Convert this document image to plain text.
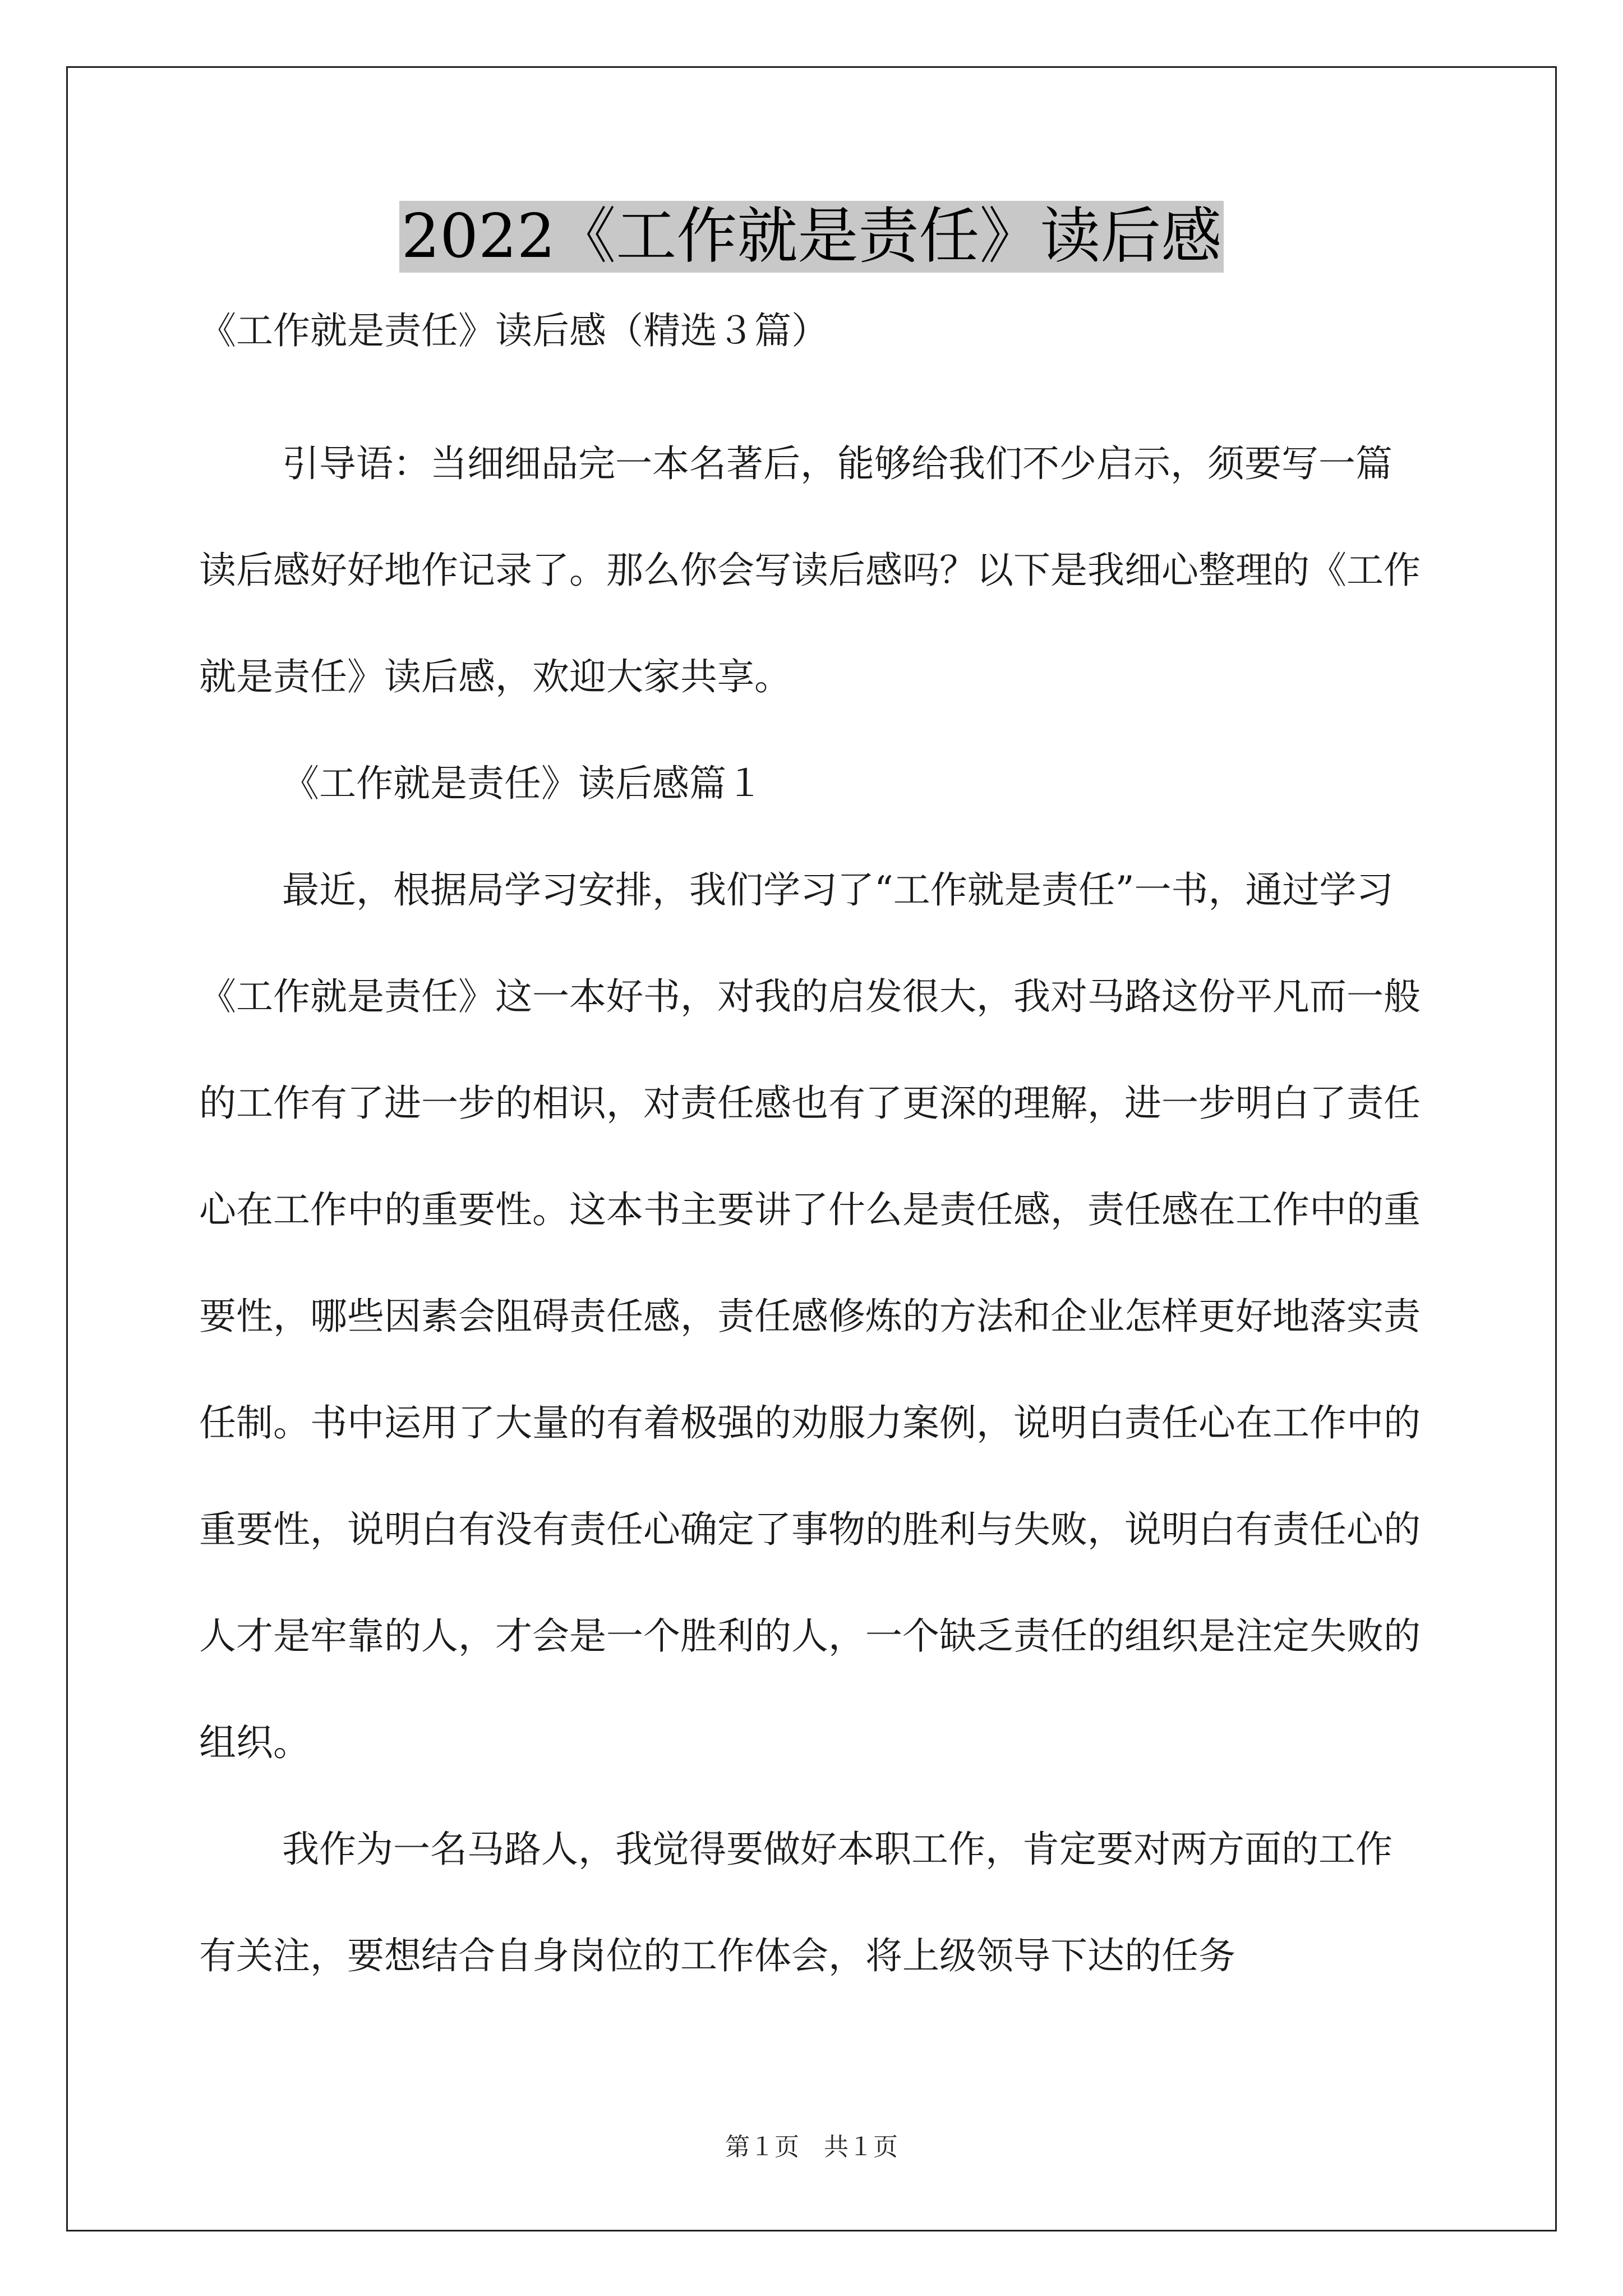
2022《工作就是责任》读后感

《工作就是责任》读后感（精选３篇）

引导语：当细细品完一本名著后，能够给我们不少启示，须要写一篇读后感好好地作记录了。那么你会写读后感吗？以下是我细心整理的《工作就是责任》读后感，欢迎大家共享。

《工作就是责任》读后感篇１

最近，根据局学习安排，我们学习了“工作就是责任”一书，通过学习《工作就是责任》这一本好书，对我的启发很大，我对马路这份平凡而一般的工作有了进一步的相识，对责任感也有了更深的理解，进一步明白了责任心在工作中的重要性。这本书主要讲了什么是责任感，责任感在工作中的重要性，哪些因素会阻碍责任感，责任感修炼的方法和企业怎样更好地落实责任制。书中运用了大量的有着极强的劝服力案例，说明白责任心在工作中的重要性，说明白有没有责任心确定了事物的胜利与失败，说明白有责任心的人才是牢靠的人，才会是一个胜利的人，一个缺乏责任的组织是注定失败的组织。

我作为一名马路人，我觉得要做好本职工作，肯定要对两方面的工作有关注，要想结合自身岗位的工作体会，将上级领导下达的任务

第１页　共１页
